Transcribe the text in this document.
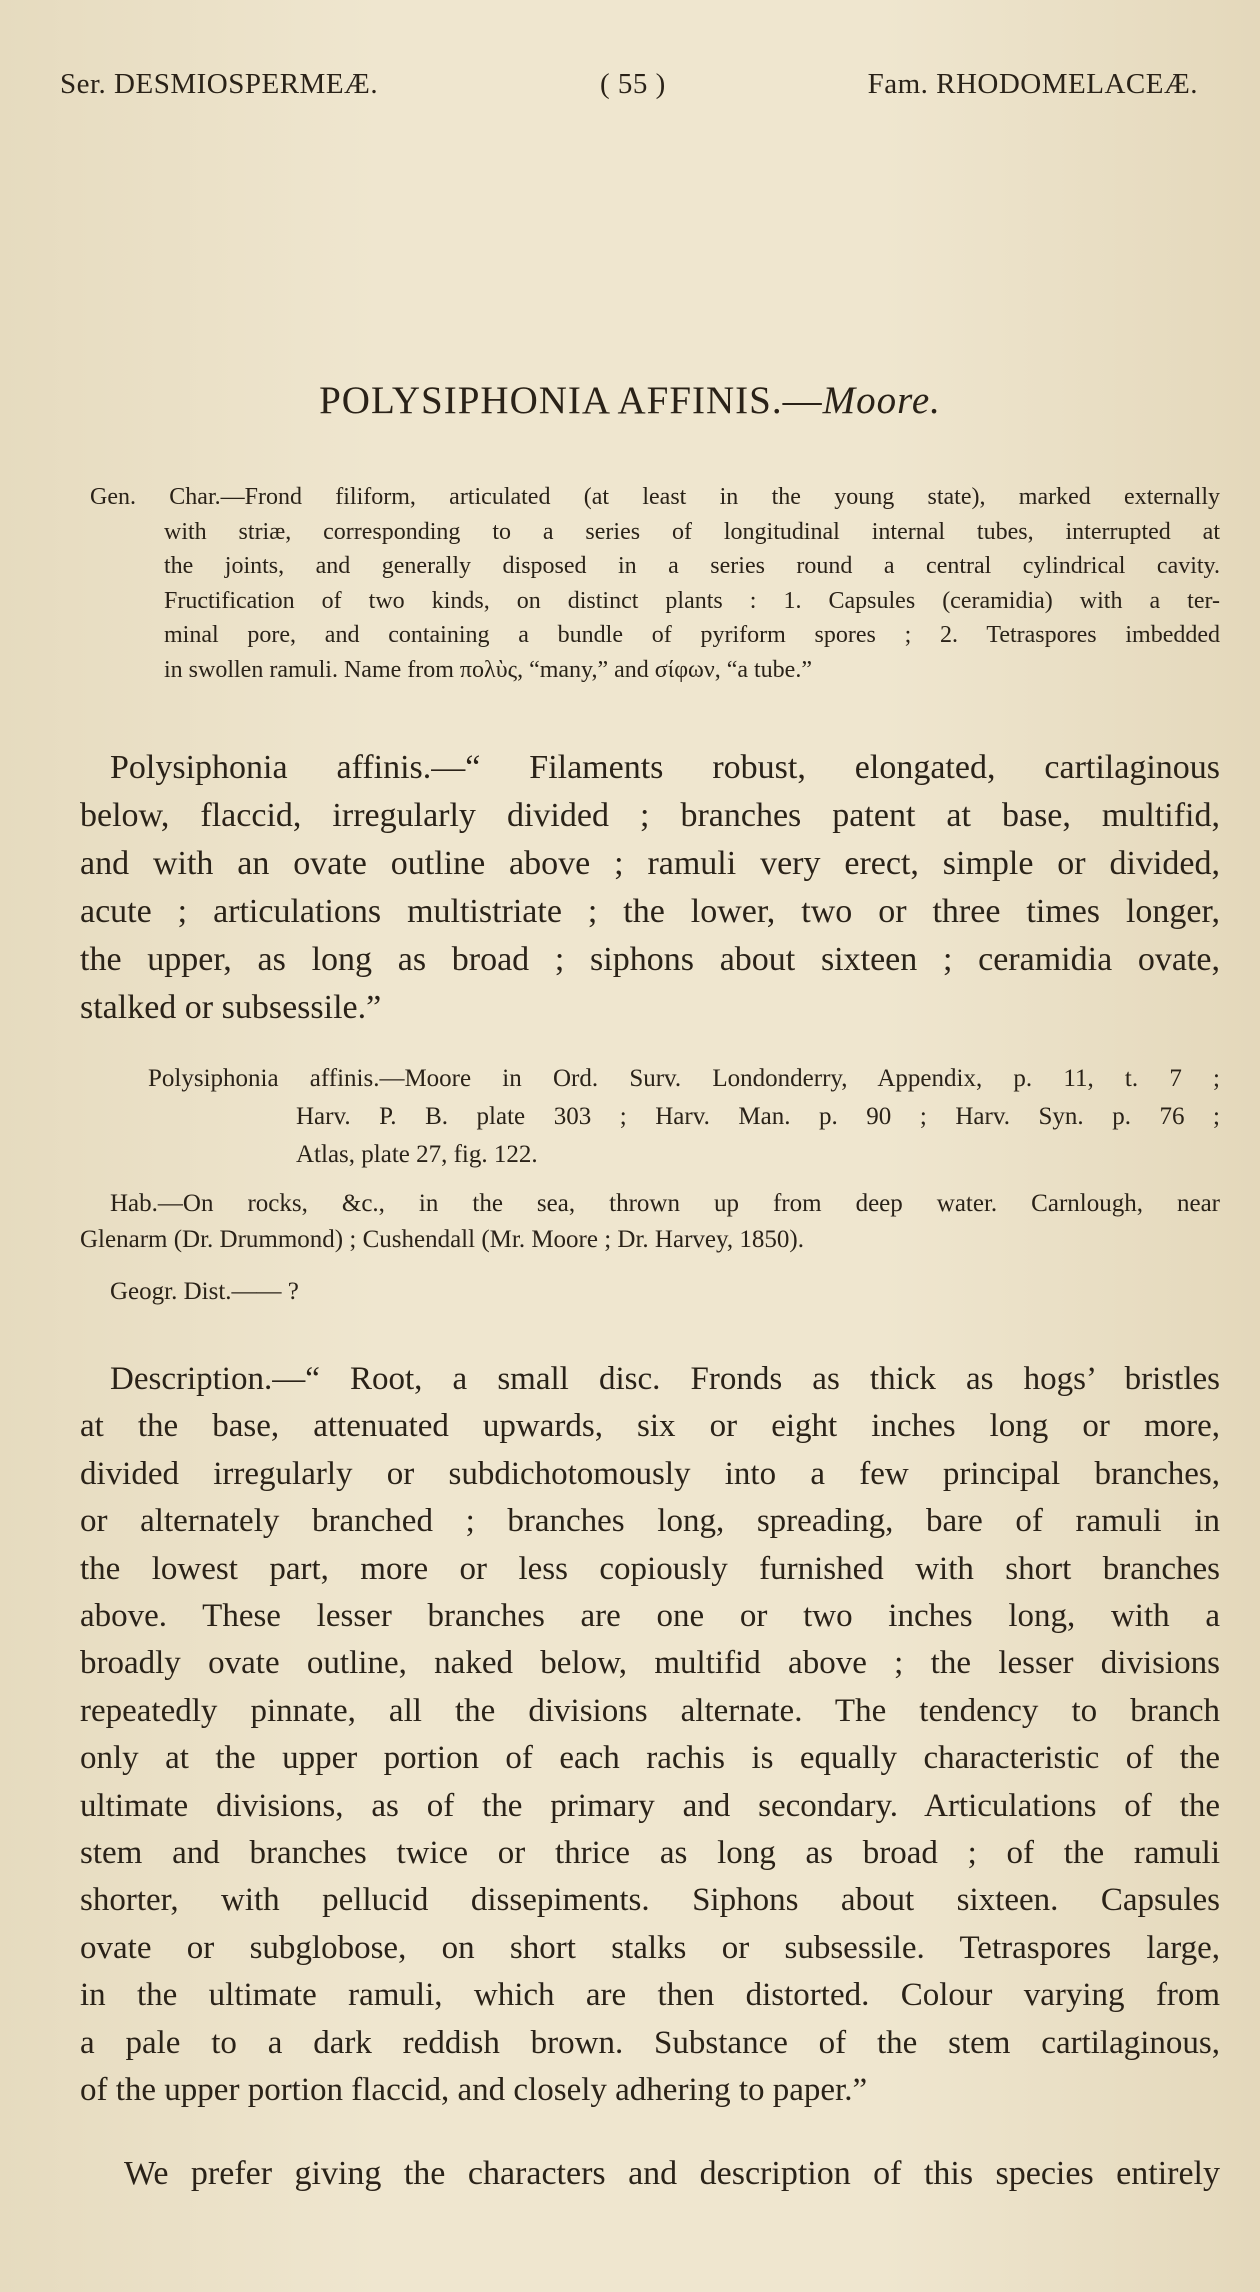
Ser. DESMIOSPERMEÆ.	( 55 )	Fam. RHODOMELACEÆ.
POLYSIPHONIA AFFINIS.—Moore.
Gen. Char.—Frond filiform, articulated (at least in the young state), marked externally
with striæ, corresponding to a series of longitudinal internal tubes, interrupted at
the joints, and generally disposed in a series round a central cylindrical cavity.
Fructification of two kinds, on distinct plants : 1. Capsules (ceramidia) with a ter-
minal pore, and containing a bundle of pyriform spores ; 2. Tetraspores imbedded
in swollen ramuli. Name from πολὺς, “many,” and σίφων, “a tube.”
Polysiphonia affinis.—“ Filaments robust, elongated, cartilaginous
below, flaccid, irregularly divided ; branches patent at base, multifid,
and with an ovate outline above ; ramuli very erect, simple or divided,
acute ; articulations multistriate ; the lower, two or three times longer,
the upper, as long as broad ; siphons about sixteen ; ceramidia ovate,
stalked or subsessile.”
Polysiphonia affinis.—Moore in Ord. Surv. Londonderry, Appendix, p. 11, t. 7 ;
Harv. P. B. plate 303 ; Harv. Man. p. 90 ; Harv. Syn. p. 76 ;
Atlas, plate 27, fig. 122.
Hab.—On rocks, &c., in the sea, thrown up from deep water. Carnlough, near
Glenarm (Dr. Drummond) ; Cushendall (Mr. Moore ; Dr. Harvey, 1850).
Geogr. Dist.—— ?
Description.—“ Root, a small disc. Fronds as thick as hogs’ bristles
at the base, attenuated upwards, six or eight inches long or more,
divided irregularly or subdichotomously into a few principal branches,
or alternately branched ; branches long, spreading, bare of ramuli in
the lowest part, more or less copiously furnished with short branches
above. These lesser branches are one or two inches long, with a
broadly ovate outline, naked below, multifid above ; the lesser divisions
repeatedly pinnate, all the divisions alternate. The tendency to branch
only at the upper portion of each rachis is equally characteristic of the
ultimate divisions, as of the primary and secondary. Articulations of the
stem and branches twice or thrice as long as broad ; of the ramuli
shorter, with pellucid dissepiments. Siphons about sixteen. Capsules
ovate or subglobose, on short stalks or subsessile. Tetraspores large,
in the ultimate ramuli, which are then distorted. Colour varying from
a pale to a dark reddish brown. Substance of the stem cartilaginous,
of the upper portion flaccid, and closely adhering to paper.”
We prefer giving the characters and description of this species entirely
